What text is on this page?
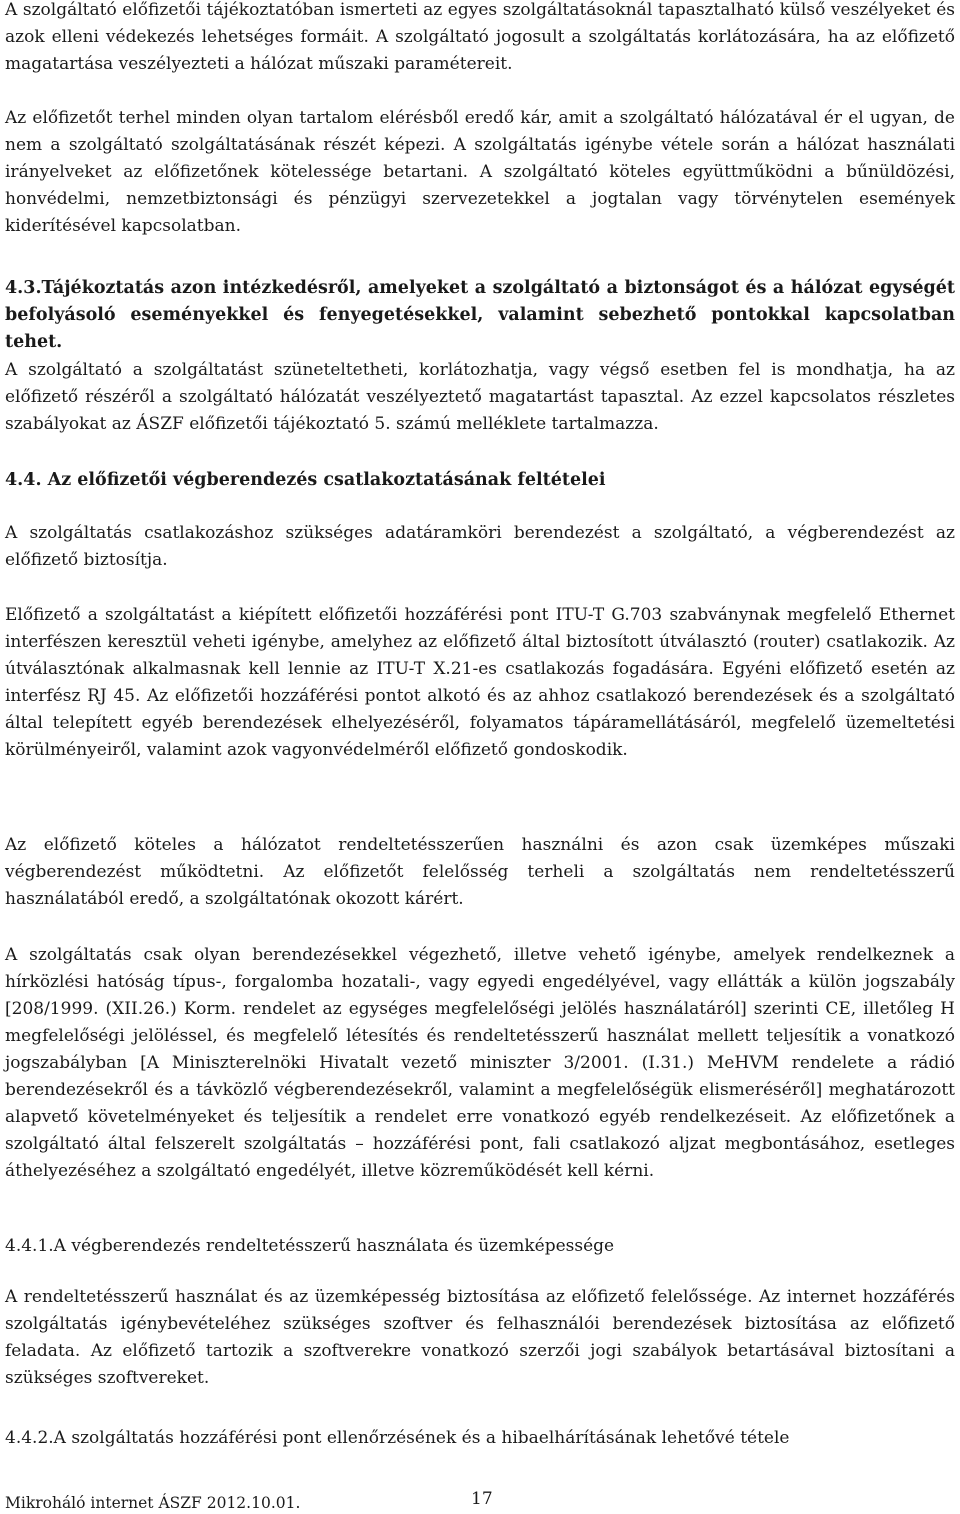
A szolgáltató előfizetői tájékoztatóban ismerteti az egyes szolgáltatásoknál tapasztalható külső veszélyeket és azok elleni védekezés lehetséges formáit. A szolgáltató jogosult a szolgáltatás korlátozására, ha az előfizető magatartása veszélyezteti a hálózat műszaki paramétereit.

Az előfizetőt terhel minden olyan tartalom elérésből eredő kár, amit a szolgáltató hálózatával ér el ugyan, de nem a szolgáltató szolgáltatásának részét képezi. A szolgáltatás igénybe vétele során a hálózat használati irányelveket az előfizetőnek kötelessége betartani. A szolgáltató köteles együttműködni a bűnüldözési, honvédelmi, nemzetbiztonsági és pénzügyi szervezetekkel a jogtalan vagy törvénytelen események kiderítésével kapcsolatban.

4.3.Tájékoztatás azon intézkedésről, amelyeket a szolgáltató a biztonságot és a hálózat egységét befolyásoló eseményekkel és fenyegetésekkel, valamint sebezhető pontokkal kapcsolatban tehet.

A szolgáltató a szolgáltatást szüneteltetheti, korlátozhatja, vagy végső esetben fel is mondhatja, ha az előfizető részéről a szolgáltató hálózatát veszélyeztető magatartást tapasztal. Az ezzel kapcsolatos részletes szabályokat az ÁSZF előfizetői tájékoztató 5. számú melléklete tartalmazza.

4.4. Az előfizetői végberendezés csatlakoztatásának feltételei

A szolgáltatás csatlakozáshoz szükséges adatáramköri berendezést a szolgáltató, a végberendezést az előfizető biztosítja.

Előfizető a szolgáltatást a kiépített előfizetői hozzáférési pont ITU-T G.703 szabványnak megfelelő Ethernet interfészen keresztül veheti igénybe, amelyhez az előfizető által biztosított útválasztó (router) csatlakozik. Az útválasztónak alkalmasnak kell lennie az ITU-T X.21-es csatlakozás fogadására. Egyéni előfizető esetén az interfész RJ 45. Az előfizetői hozzáférési pontot alkotó és az ahhoz csatlakozó berendezések és a szolgáltató által telepített egyéb berendezések elhelyezéséről, folyamatos tápáramellátásáról, megfelelő üzemeltetési körülményeiről, valamint azok vagyonvédelméről előfizető gondoskodik.

Az előfizető köteles a hálózatot rendeltetésszerűen használni és azon csak üzemképes műszaki végberendezést működtetni. Az előfizetőt felelősség terheli a szolgáltatás nem rendeltetésszerű használatából eredő, a szolgáltatónak okozott kárért.

A szolgáltatás csak olyan berendezésekkel végezhető, illetve vehető igénybe, amelyek rendelkeznek a hírközlési hatóság típus-, forgalomba hozatali-, vagy egyedi engedélyével, vagy ellátták a külön jogszabály [208/1999. (XII.26.) Korm. rendelet az egységes megfelelőségi jelölés használatáról] szerinti CE, illetőleg H megfelelőségi jelöléssel, és megfelelő létesítés és rendeltetésszerű használat mellett teljesítik a vonatkozó jogszabályban [A Miniszterelnöki Hivatalt vezető miniszter 3/2001. (I.31.) MeHVM rendelete a rádió berendezésekről és a távközlő végberendezésekről, valamint a megfelelőségük elismeréséről] meghatározott alapvető követelményeket és teljesítik a rendelet erre vonatkozó egyéb rendelkezéseit. Az előfizetőnek a szolgáltató által felszerelt szolgáltatás – hozzáférési pont, fali csatlakozó aljzat megbontásához, esetleges áthelyezéséhez a szolgáltató engedélyét, illetve közreműködését kell kérni.

4.4.1.A végberendezés rendeltetésszerű használata és üzemképessége

A rendeltetésszerű használat és az üzemképesség biztosítása az előfizető felelőssége. Az internet hozzáférés szolgáltatás igénybevételéhez szükséges szoftver és felhasználói berendezések biztosítása az előfizető feladata. Az előfizető tartozik a szoftverekre vonatkozó szerzői jogi szabályok betartásával biztosítani a szükséges szoftvereket.

4.4.2.A szolgáltatás hozzáférési pont ellenőrzésének és a hibaelhárításának lehetővé tétele

Mikroháló internet ÁSZF 2012.10.01.	17
